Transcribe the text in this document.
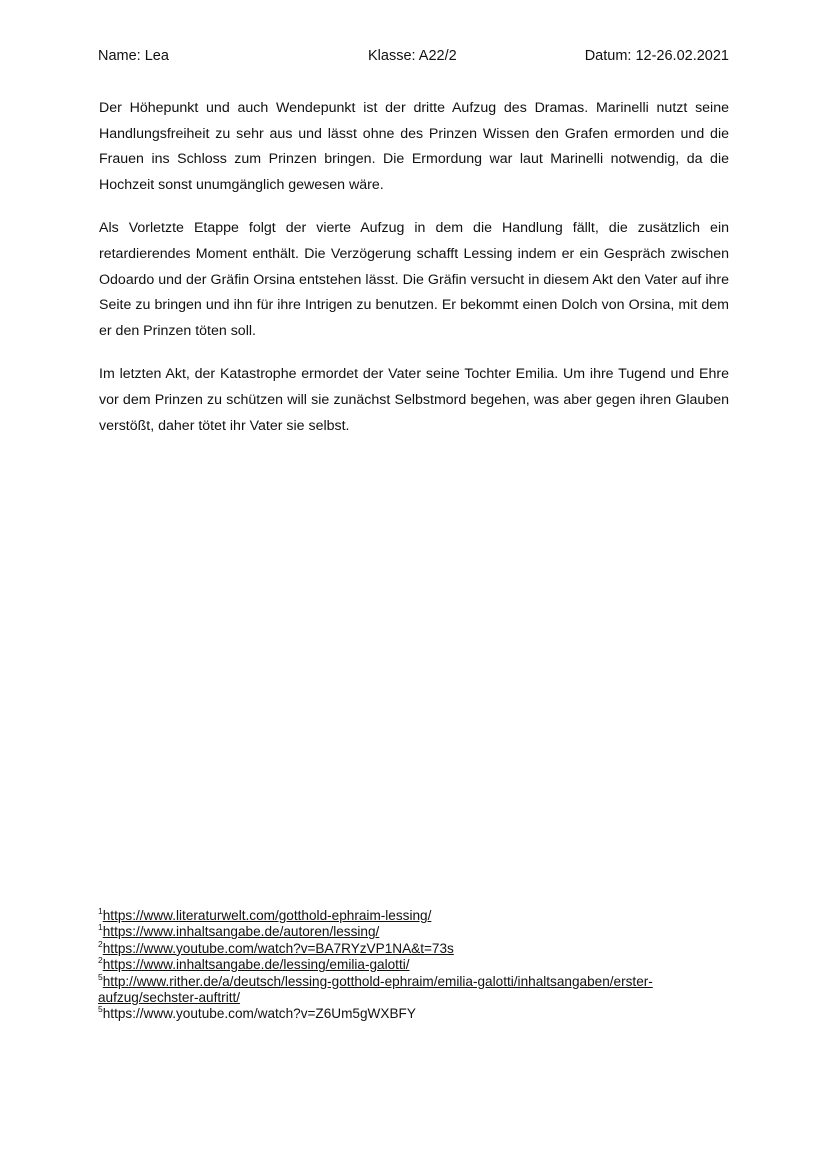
Name: Lea	Klasse: A22/2	Datum: 12-26.02.2021

Der Höhepunkt und auch Wendepunkt ist der dritte Aufzug des Dramas. Marinelli nutzt seine Handlungsfreiheit zu sehr aus und lässt ohne des Prinzen Wissen den Grafen ermorden und die Frauen ins Schloss zum Prinzen bringen. Die Ermordung war laut Marinelli notwendig, da die Hochzeit sonst unumgänglich gewesen wäre.

Als Vorletzte Etappe folgt der vierte Aufzug in dem die Handlung fällt, die zusätzlich ein retardierendes Moment enthält. Die Verzögerung schafft Lessing indem er ein Gespräch zwischen Odoardo und der Gräfin Orsina entstehen lässt. Die Gräfin versucht in diesem Akt den Vater auf ihre Seite zu bringen und ihn für ihre Intrigen zu benutzen. Er bekommt einen Dolch von Orsina, mit dem er den Prinzen töten soll.

Im letzten Akt, der Katastrophe ermordet der Vater seine Tochter Emilia. Um ihre Tugend und Ehre vor dem Prinzen zu schützen will sie zunächst Selbstmord begehen, was aber gegen ihren Glauben verstößt, daher tötet ihr Vater sie selbst.

$^1$https://www.literaturwelt.com/gotthold-ephraim-lessing/
$^1$https://www.inhaltsangabe.de/autoren/lessing/
$^2$https://www.youtube.com/watch?v=BA7RYzVP1NA&t=73s
$^2$https://www.inhaltsangabe.de/lessing/emilia-galotti/
$^5$http://www.rither.de/a/deutsch/lessing-gotthold-ephraim/emilia-galotti/inhaltsangaben/erster-aufzug/sechster-auftritt/
$^5$https://www.youtube.com/watch?v=Z6Um5gWXBFY
